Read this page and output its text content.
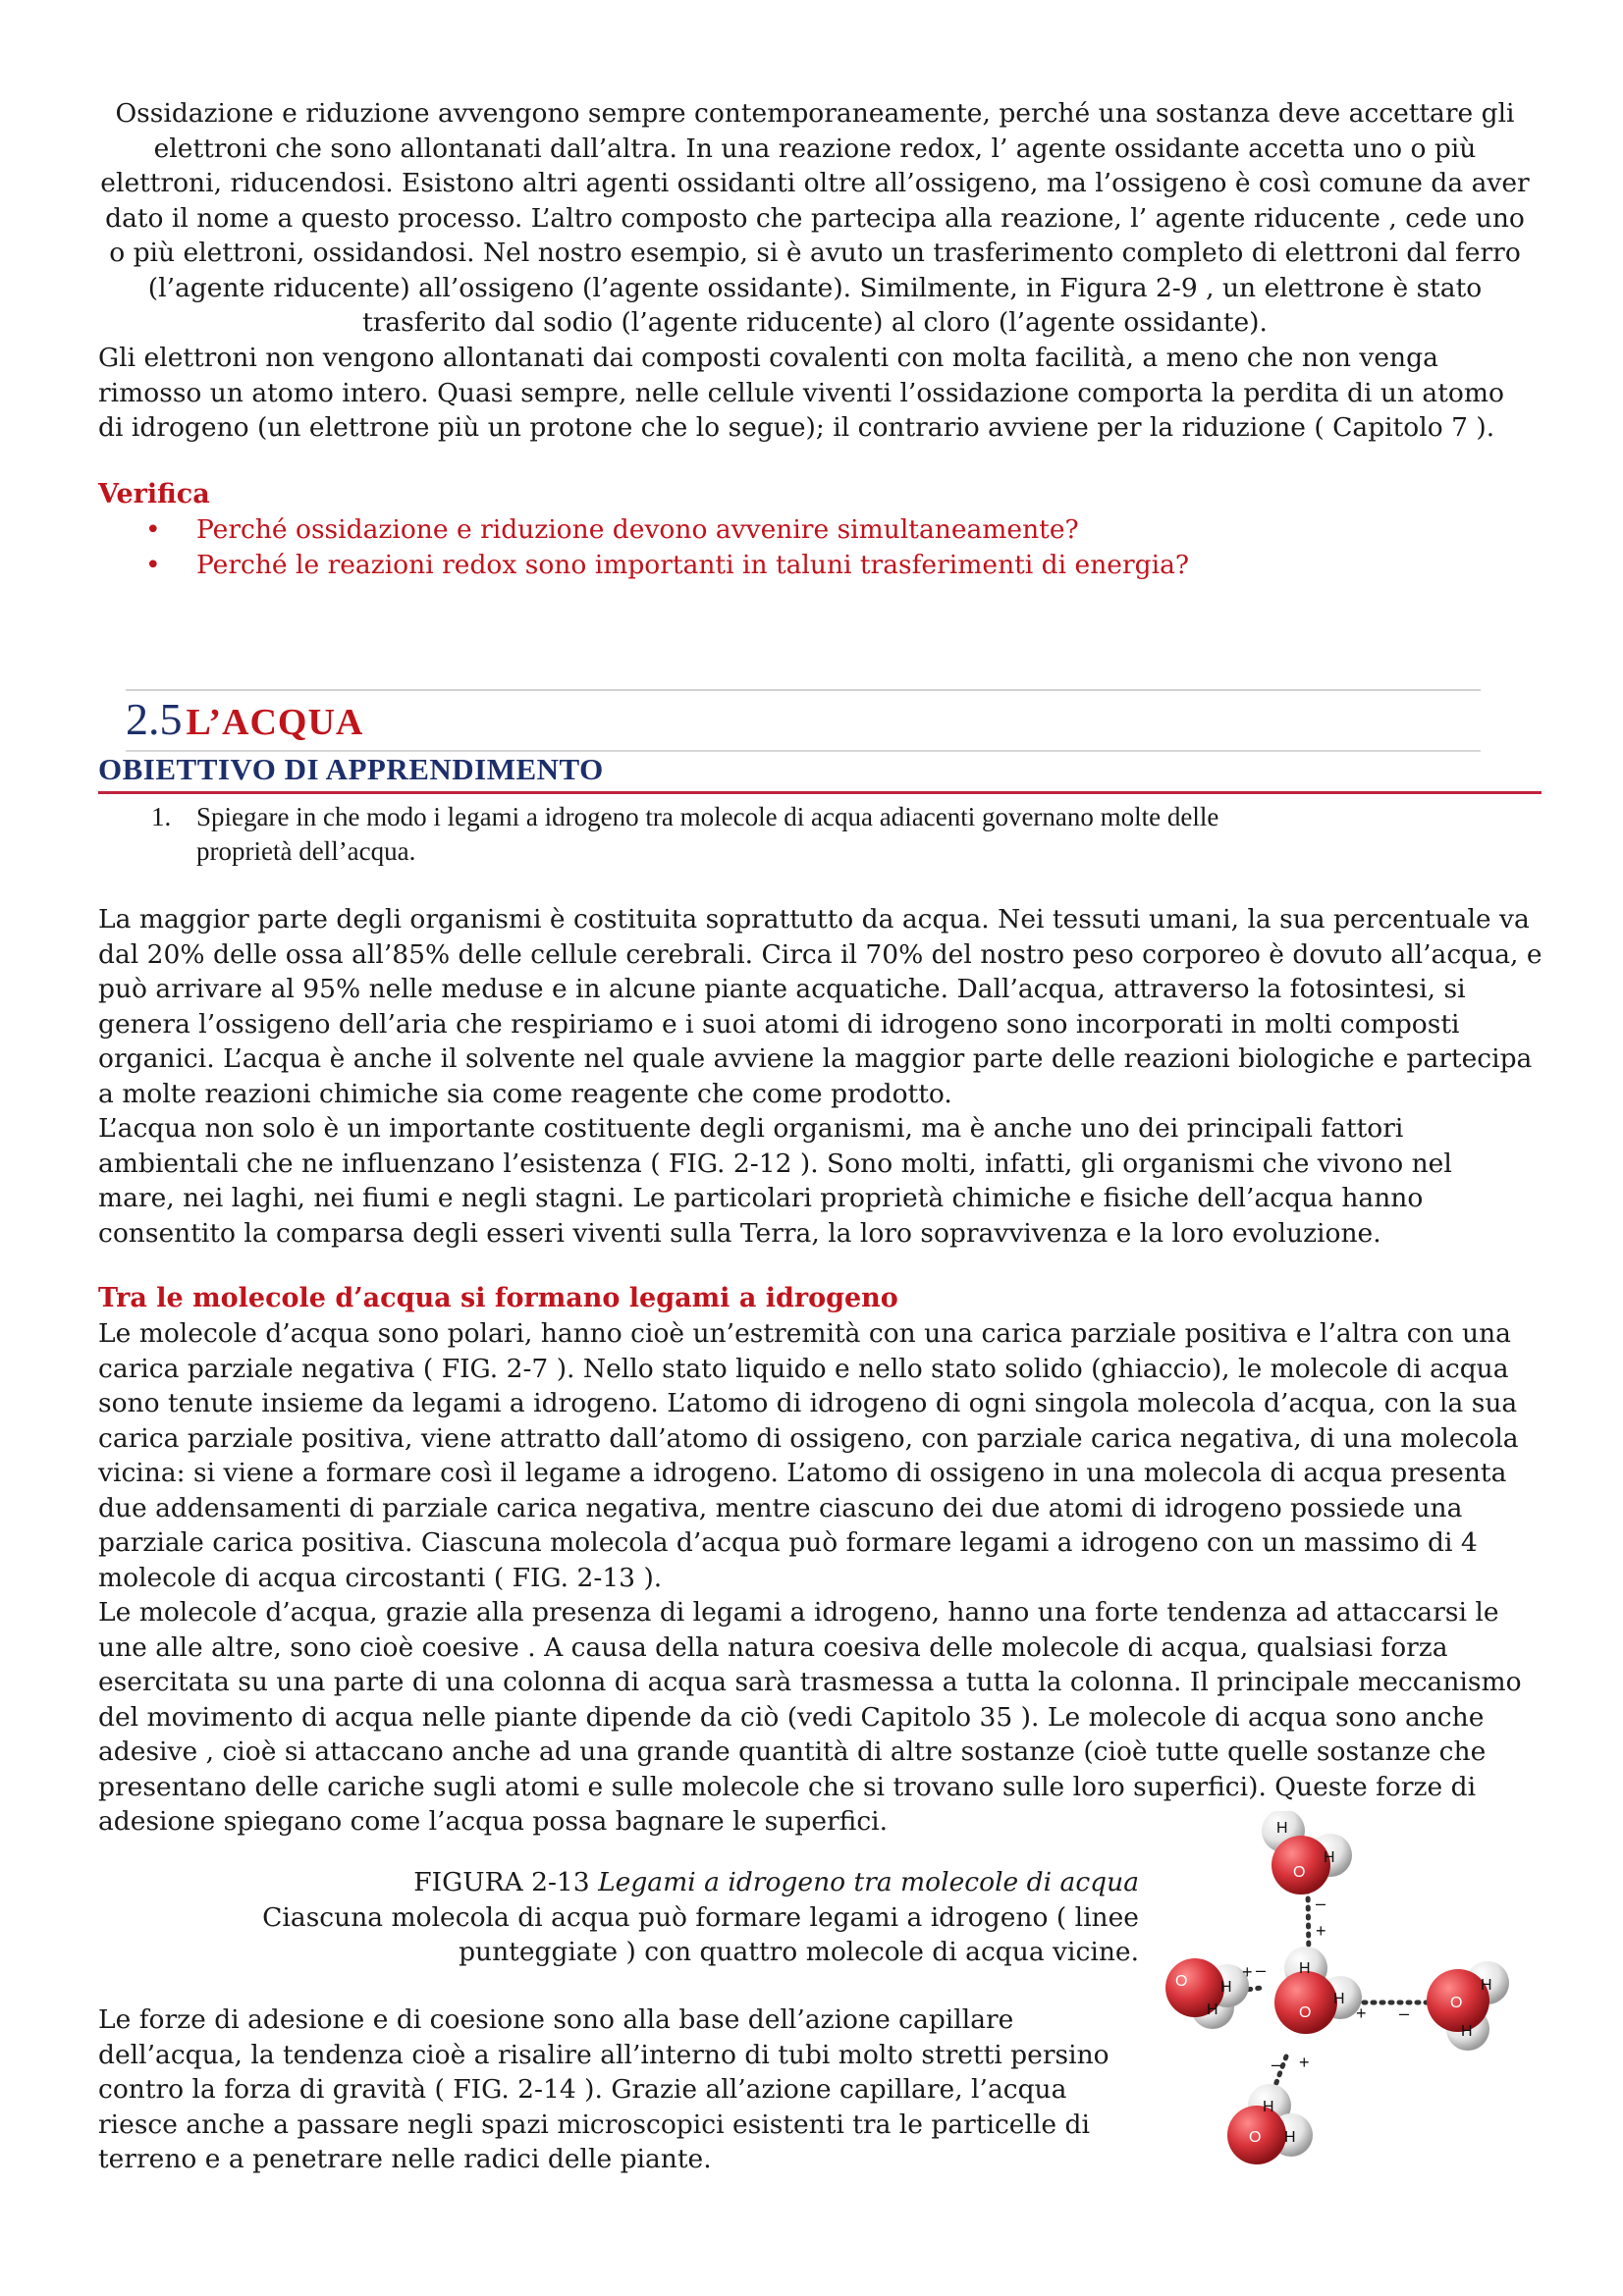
Ossidazione e riduzione avvengono sempre contemporaneamente, perché una sostanza deve accettare gli

elettroni che sono allontanati dall’altra. In una reazione redox, l’ agente ossidante accetta uno o più

elettroni, riducendosi. Esistono altri agenti ossidanti oltre all’ossigeno, ma l’ossigeno è così comune da aver

dato il nome a questo processo. L’altro composto che partecipa alla reazione, l’ agente riducente , cede uno

o più elettroni, ossidandosi. Nel nostro esempio, si è avuto un trasferimento completo di elettroni dal ferro

(l’agente riducente) all’ossigeno (l’agente ossidante). Similmente, in Figura 2-9 , un elettrone è stato

trasferito dal sodio (l’agente riducente) al cloro (l’agente ossidante).

Gli elettroni non vengono allontanati dai composti covalenti con molta facilità, a meno che non venga

rimosso un atomo intero. Quasi sempre, nelle cellule viventi l’ossidazione comporta la perdita di un atomo

di idrogeno (un elettrone più un protone che lo segue); il contrario avviene per la riduzione ( Capitolo 7 ).

Verifica

• Perché ossidazione e riduzione devono avvenire simultaneamente?
• Perché le reazioni redox sono importanti in taluni trasferimenti di energia?
2.5 L’ACQUA
OBIETTIVO DI APPRENDIMENTO
1. Spiegare in che modo i legami a idrogeno tra molecole di acqua adiacenti governano molte delle
proprietà dell’acqua.

La maggior parte degli organismi è costituita soprattutto da acqua. Nei tessuti umani, la sua percentuale va

dal 20% delle ossa all’85% delle cellule cerebrali. Circa il 70% del nostro peso corporeo è dovuto all’acqua, e

può arrivare al 95% nelle meduse e in alcune piante acquatiche. Dall’acqua, attraverso la fotosintesi, si

genera l’ossigeno dell’aria che respiriamo e i suoi atomi di idrogeno sono incorporati in molti composti

organici. L’acqua è anche il solvente nel quale avviene la maggior parte delle reazioni biologiche e partecipa

a molte reazioni chimiche sia come reagente che come prodotto.

L’acqua non solo è un importante costituente degli organismi, ma è anche uno dei principali fattori

ambientali che ne influenzano l’esistenza ( FIG. 2-12 ). Sono molti, infatti, gli organismi che vivono nel

mare, nei laghi, nei fiumi e negli stagni. Le particolari proprietà chimiche e fisiche dell’acqua hanno

consentito la comparsa degli esseri viventi sulla Terra, la loro sopravvivenza e la loro evoluzione.

Tra le molecole d’acqua si formano legami a idrogeno

Le molecole d’acqua sono polari, hanno cioè un’estremità con una carica parziale positiva e l’altra con una

carica parziale negativa ( FIG. 2-7 ). Nello stato liquido e nello stato solido (ghiaccio), le molecole di acqua

sono tenute insieme da legami a idrogeno. L’atomo di idrogeno di ogni singola molecola d’acqua, con la sua

carica parziale positiva, viene attratto dall’atomo di ossigeno, con parziale carica negativa, di una molecola

vicina: si viene a formare così il legame a idrogeno. L’atomo di ossigeno in una molecola di acqua presenta

due addensamenti di parziale carica negativa, mentre ciascuno dei due atomi di idrogeno possiede una

parziale carica positiva. Ciascuna molecola d’acqua può formare legami a idrogeno con un massimo di 4

molecole di acqua circostanti ( FIG. 2-13 ).

Le molecole d’acqua, grazie alla presenza di legami a idrogeno, hanno una forte tendenza ad attaccarsi le

une alle altre, sono cioè coesive . A causa della natura coesiva delle molecole di acqua, qualsiasi forza

esercitata su una parte di una colonna di acqua sarà trasmessa a tutta la colonna. Il principale meccanismo

del movimento di acqua nelle piante dipende da ciò (vedi Capitolo 35 ). Le molecole di acqua sono anche

adesive , cioè si attaccano anche ad una grande quantità di altre sostanze (cioè tutte quelle sostanze che

presentano delle cariche sugli atomi e sulle molecole che si trovano sulle loro superfici). Queste forze di

adesione spiegano come l’acqua possa bagnare le superfici.

FIGURA 2-13 Legami a idrogeno tra molecole di acqua

Ciascuna molecola di acqua può formare legami a idrogeno ( linee

punteggiate ) con quattro molecole di acqua vicine.

Le forze di adesione e di coesione sono alla base dell’azione capillare

dell’acqua, la tendenza cioè a risalire all’interno di tubi molto stretti persino

contro la forza di gravità ( FIG. 2-14 ). Grazie all’azione capillare, l’acqua

riesce anche a passare negli spazi microscopici esistenti tra le particelle di

terreno e a penetrare nelle radici delle piante.

H
H
O
H
H
O
O H
H
H
O
H
H
O H
–
+
+ –
+ –
– +
